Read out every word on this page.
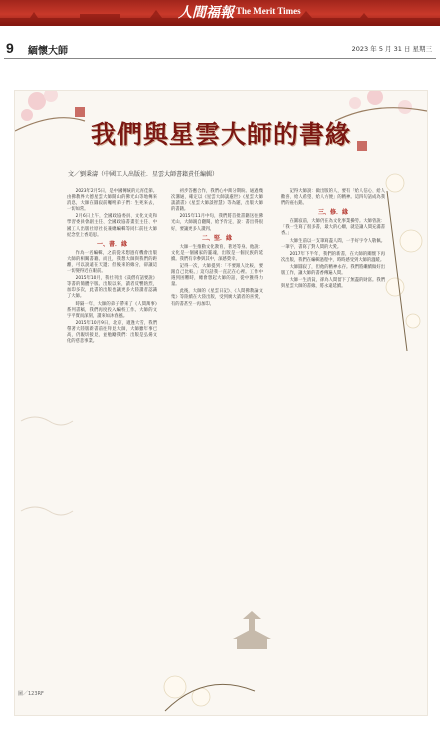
人間福報 The Merit Times
9 緬懷大師	2023 年 5 月 31 日 星期三
我們與星雲大師的書緣
文／劉秉濤（中國工人出版社．星雲大師書籍責任編輯）

2023年2月5日，是中國傳統的元宵佳節。由佛教界大德星雲大師開山的佛光山等地傳來消息，大師在圓寂前囑咐弟子們：生死來去，一切如常。

2月6日上午，全國政協委員、文化文史和學習委員會副主任、全國政協書畫室主任、中國工人出版社原社長兼總編輯等同仁前往大師紀念堂上香追思。

一、書．緣

作為一名編輯，之前從未想過有機會出版大師的相關書籍。而且，我想大師與我們的距離，可以說遠在天邊；但後來的緣分，卻讓這一切變得近在眼前。

2015年10月，我社刊出《貧僧有話要說》等書的簡體字版。出版以來，讀者反響熱烈，加印多次，此書的出版也讓更多大陸讀者認識了大師。

時隔一年，大師的弟子帶來了《人間萬事》系列書稿，我們再度投入編校工作。大師的文字平實而深刻，讀來如沐春風。

2015年10月9日，北京，適逢大雪，我們帶著大陸版新書前往拜見大師，大師雖年事已高，仍親切接見，並勉勵我們：出版是弘揚文化的慈悲事業。

初步答應合作，我們心中萬分期盼。通過幾次溝通，確定以《星雲大師談處世》《星雲大師談讀書》《星雲大師談智慧》等為題，出版大師的書籍。

2015年11月中旬，我們將首批書籍送往佛光山，大師親自翻閱，給予肯定，說：書出得很好，要讓更多人讀到。

二、堅．緣

大師一生推動文化教育，著述等身。他說：文化是一個國家的靈魂，出版是一個民族的延續。我們有幸參與其中，深感榮幸。

記得一次，大師提到：「不要跟人比較，要跟自己比較。」這句話我一直記在心裡。工作中遇到困難時，總會想起大師的話，從中獲得力量。

此後，大師的《星雲日記》、《人間佛教論文集》等陸續在大陸出版，受到廣大讀者的喜愛，有的書甚至一再加印。

記得大師說：做出版的人，要有「給人信心、給人歡喜、給人希望、給人方便」的精神。這四句話成為我們的座右銘。

三、修．緣

在圓寂前，大師仍在為文化事業操勞。大師曾說：「我一生寫了很多書，最大的心願，就是讓人間充滿書香。」

大師生前以一支筆寫盡人間，一手好字令人敬佩。一筆字，書寫了對人間的大愛。

2017年下半年，我們的新書，在大師的關懷下再次出版，我們在編輯過程中，時時感受到大師的溫暖。

大師圓寂了，但他的精神永存。我們將繼續做好出版工作，讓大師的書香傳遍人間。

大師一生清貧，卻為人間留下了無盡的財富。我們與星雲大師的書緣，將永遠延續。

圖／123RF
